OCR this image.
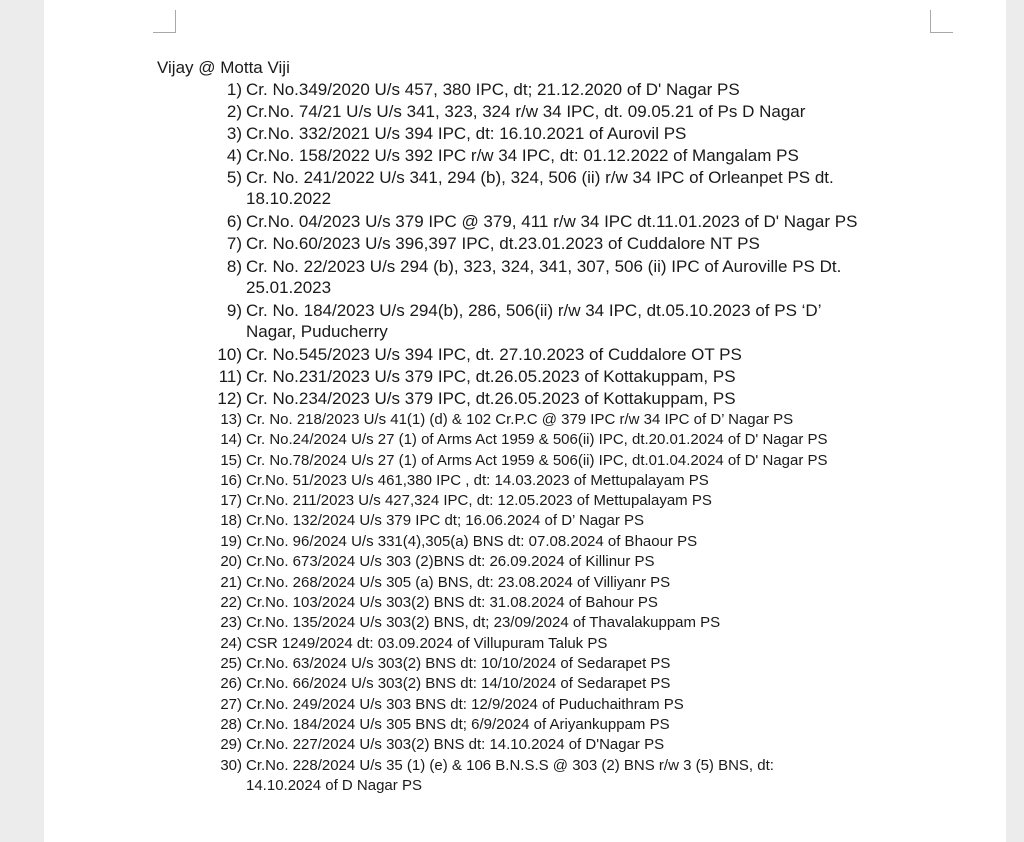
Vijay @ Motta Viji
1) Cr. No.349/2020 U/s 457, 380 IPC, dt; 21.12.2020 of D' Nagar PS
2) Cr.No. 74/21 U/s U/s 341, 323, 324 r/w 34 IPC, dt. 09.05.21 of Ps D Nagar
3) Cr.No. 332/2021 U/s 394 IPC, dt: 16.10.2021 of Aurovil PS
4) Cr.No. 158/2022 U/s 392 IPC r/w 34 IPC, dt: 01.12.2022 of Mangalam PS
5) Cr. No. 241/2022 U/s 341, 294 (b), 324, 506 (ii) r/w 34 IPC of Orleanpet PS dt.
18.10.2022
6) Cr.No. 04/2023 U/s 379 IPC @ 379, 411 r/w 34 IPC dt.11.01.2023 of D' Nagar PS
7) Cr. No.60/2023 U/s 396,397 IPC, dt.23.01.2023 of Cuddalore NT PS
8) Cr. No. 22/2023 U/s 294 (b), 323, 324, 341, 307, 506 (ii) IPC of Auroville PS Dt.
25.01.2023
9) Cr. No. 184/2023 U/s 294(b), 286, 506(ii) r/w 34 IPC, dt.05.10.2023 of PS ‘D’
Nagar, Puducherry
10) Cr. No.545/2023 U/s 394 IPC, dt. 27.10.2023 of Cuddalore OT PS
11) Cr. No.231/2023 U/s 379 IPC, dt.26.05.2023 of Kottakuppam, PS
12) Cr. No.234/2023 U/s 379 IPC, dt.26.05.2023 of Kottakuppam, PS
13) Cr. No. 218/2023 U/s 41(1) (d) & 102 Cr.P.C @ 379 IPC r/w 34 IPC of D’ Nagar PS
14) Cr. No.24/2024 U/s 27 (1) of Arms Act 1959 & 506(ii) IPC, dt.20.01.2024 of D' Nagar PS
15) Cr. No.78/2024 U/s 27 (1) of Arms Act 1959 & 506(ii) IPC, dt.01.04.2024 of D' Nagar PS
16) Cr.No. 51/2023 U/s 461,380 IPC , dt: 14.03.2023 of Mettupalayam PS
17) Cr.No. 211/2023 U/s 427,324 IPC, dt: 12.05.2023 of Mettupalayam PS
18) Cr.No. 132/2024 U/s 379 IPC dt; 16.06.2024 of D’ Nagar PS
19) Cr.No. 96/2024 U/s 331(4),305(a) BNS dt: 07.08.2024 of Bhaour PS
20) Cr.No. 673/2024 U/s 303 (2)BNS dt: 26.09.2024 of Killinur PS
21) Cr.No. 268/2024 U/s 305 (a) BNS, dt: 23.08.2024 of Villiyanr PS
22) Cr.No. 103/2024 U/s 303(2) BNS dt: 31.08.2024 of Bahour PS
23) Cr.No. 135/2024 U/s 303(2) BNS, dt; 23/09/2024 of Thavalakuppam PS
24) CSR 1249/2024 dt: 03.09.2024 of Villupuram Taluk PS
25) Cr.No. 63/2024 U/s 303(2) BNS dt: 10/10/2024 of Sedarapet PS
26) Cr.No. 66/2024 U/s 303(2) BNS dt: 14/10/2024 of Sedarapet PS
27) Cr.No. 249/2024 U/s 303 BNS dt: 12/9/2024 of Puduchaithram PS
28) Cr.No. 184/2024 U/s 305 BNS dt; 6/9/2024 of Ariyankuppam PS
29) Cr.No. 227/2024 U/s 303(2) BNS dt: 14.10.2024 of D'Nagar PS
30) Cr.No. 228/2024 U/s 35 (1) (e) & 106 B.N.S.S @ 303 (2) BNS r/w 3 (5) BNS, dt:
14.10.2024 of D Nagar PS
